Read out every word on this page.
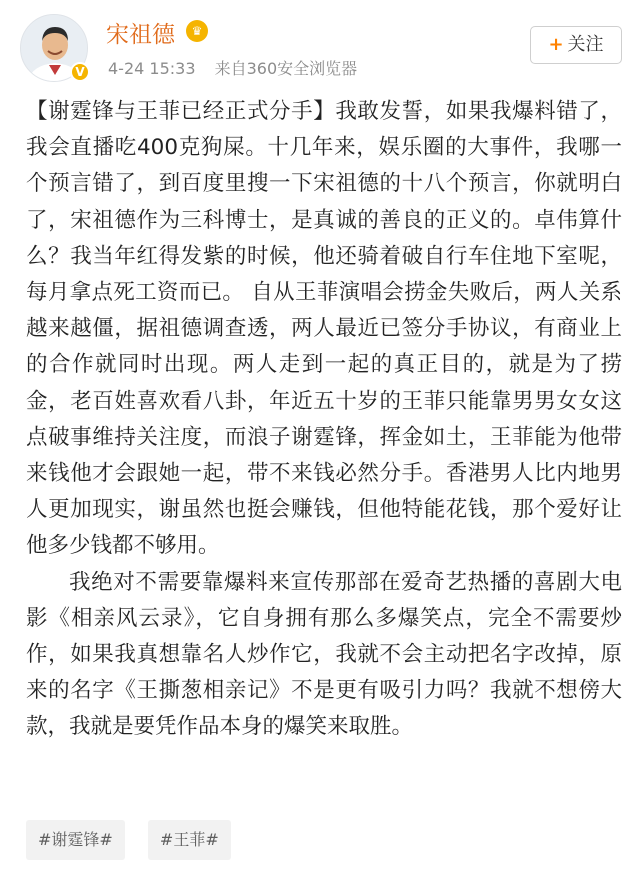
V
宋祖德	♛
4-24 15:33 来自360安全浏览器
+ 关注

【谢霆锋与王菲已经正式分手】我敢发誓，如果我爆料错了，我会直播吃400克狗屎。十几年来，娱乐圈的大事件，我哪一个预言错了，到百度里搜一下宋祖德的十八个预言，你就明白了，宋祖德作为三科博士，是真诚的善良的正义的。卓伟算什么？我当年红得发紫的时候，他还骑着破自行车住地下室呢，每月拿点死工资而已。 自从王菲演唱会捞金失败后，两人关系越来越僵，据祖德调查透，两人最近已签分手协议，有商业上的合作就同时出现。两人走到一起的真正目的，就是为了捞金，老百姓喜欢看八卦，年近五十岁的王菲只能靠男男女女这点破事维持关注度，而浪子谢霆锋，挥金如土，王菲能为他带来钱他才会跟她一起，带不来钱必然分手。香港男人比内地男人更加现实，谢虽然也挺会赚钱，但他特能花钱，那个爱好让他多少钱都不够用。

我绝对不需要靠爆料来宣传那部在爱奇艺热播的喜剧大电影《相亲风云录》，它自身拥有那么多爆笑点，完全不需要炒作，如果我真想靠名人炒作它，我就不会主动把名字改掉，原来的名字《王撕葱相亲记》不是更有吸引力吗？我就不想傍大款，我就是要凭作品本身的爆笑来取胜。

#谢霆锋#	#王菲#
